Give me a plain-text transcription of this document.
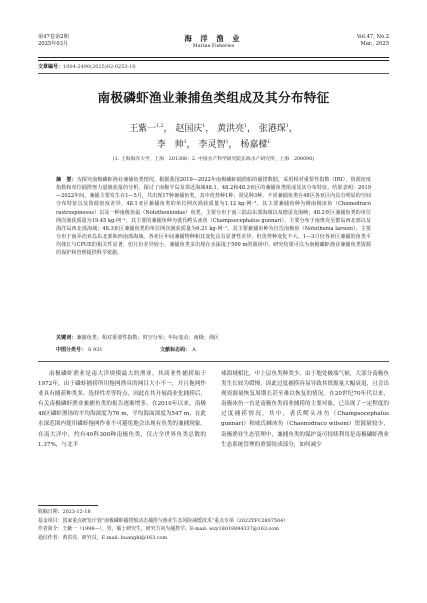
第47卷第2期
2025年03月
海 洋 渔 业
Marine Fisheries
Vol.47, No.2
Mar., 2025
文章编号：1004-2490(2025)02-0253-10
南极磷虾渔业兼捕鱼类组成及其分布特征
王紫一$^{1,2}$， 赵国庆$^1$， 黄洪亮$^1$， 张港琛$^1$，
李　帅$^1$， 李灵智$^1$， 杨嘉樑$^1$
(1. 上海海洋大学，上海　201306；2. 中国水产科学研究院东海水产研究所，上海　200090)
摘　要：为探究南极磷虾渔业兼捕鱼类情况，根据我国2019—2022年南极磷虾捕捞船的捕捞数据，采用相对重要性指数（IRI），资源密度指数和单位捕捞努力量渔获量的分析，探讨了南极半岛及邻近海域48.1、48.2和48.3亚区的兼捕鱼类组成及其分布特征。结果表明：2019—2022年间，兼捕主要发生在1—5月，共出现17种兼捕鱼类，其中优势种1种，常见种3种。不同兼捕鱼类在48区各亚区内具有明显的空间分布特征以及资源密度差异，48.1亚区兼捕鱼类的单位网次渔获质量为1.12 kg·网⁻¹，其主要兼捕鱼种为裸南极冰鱼（Chionodraco rastrospinosus）以及一种南极鱼属（Notothenioidae）鱼类，主要分布于南三陆岛东部海域以及德雷克海峡；48.2亚区兼捕鱼类的单位网次渔获质量为19.45 kg·网⁻¹，其主要的兼捕鱼种为裘氏鳄头冰鱼（Champsocephalus gunnari），主要分布于南奥克尼群岛西北部以及海洋岛西北部海域；48.3亚区兼捕鱼类的单位网次渔获质量为6.21 kg·网⁻¹，其主要兼捕鱼种为拉氏南极鱼（Notothenia larseni）、主要分布于南乔治亚岛东北部和西南部海域。各亚区年间兼捕物种和其变化具有显著性差异，但优势种变化不大。1—3月份各亚区兼捕的鱼类平均体长与CPUE的相关性显著，但月份差异较小。兼捕鱼类多出现在水深浅于500 m的渔场中。研究结果可以为南极磷虾渔业兼捕鱼类资源的保护和管理提供科学依据。
关键词：兼捕鱼类；相对重要性指数；时空分布；年际变动；南极；渔区
中图分类号： S 931	文献标志码： A

南极磷虾渔业是南大洋规模最大的渔业，其商业性捕捞始于1972年，由于磷虾捕捞所用拖网渔具的网目大小不一，开且拖网作业具有捕获种类多、选择性差等特点，因此在其开展商业化捕捞后，有关南极磷虾渔业兼捕鱼类的报告逐渐增多，在2010年以来，南极48区磷虾渔场的平均海深度为76 m，平均海面深度为547 m，在此水深范围内使用磷虾拖网作业不可避免地会出现有鱼类的兼捕现象。在南大洋中，约有49科300种南极鱼类，仅占全世界鱼类总数的1.37%，与北半

球海域相比，中上层鱼类种类少，由于地处极端气候，大部分南极鱼类生长较为缓慢，因此过度捕捞容易导致其资源量大幅衰退，且会出现资源量恢复周期长甚至难以恢复的情况。在20世纪70年代以来，南极冰鱼一直是南极鱼类商业捕捞的主要对象，已出现了一定程度的过度捕捞情况，其中，裘氏鳄头冰鱼（Champsocephalus gunnari）和威氏棘冰鱼（Chaenodraco wilsoni）资源量较少，南极渔业生态管理中，兼捕鱼类的保护及可持续利用是南极磷虾渔业生态系统管理的重要组成部分，如何减少

收稿日期：2023-12-18
基金项目：国家重点研发计划“南极磷虾捕捞船动态捕捞与渔业生态风险减缓技术”重点专项（2022YFC2807504）
作者简介：王紫一（1998—），男，硕士研究生，研究方向为捕捞学。E-mail: wzy18018894337@163.com
通信作者：黄洪亮，研究员。E-mail: huanghl@163.com
